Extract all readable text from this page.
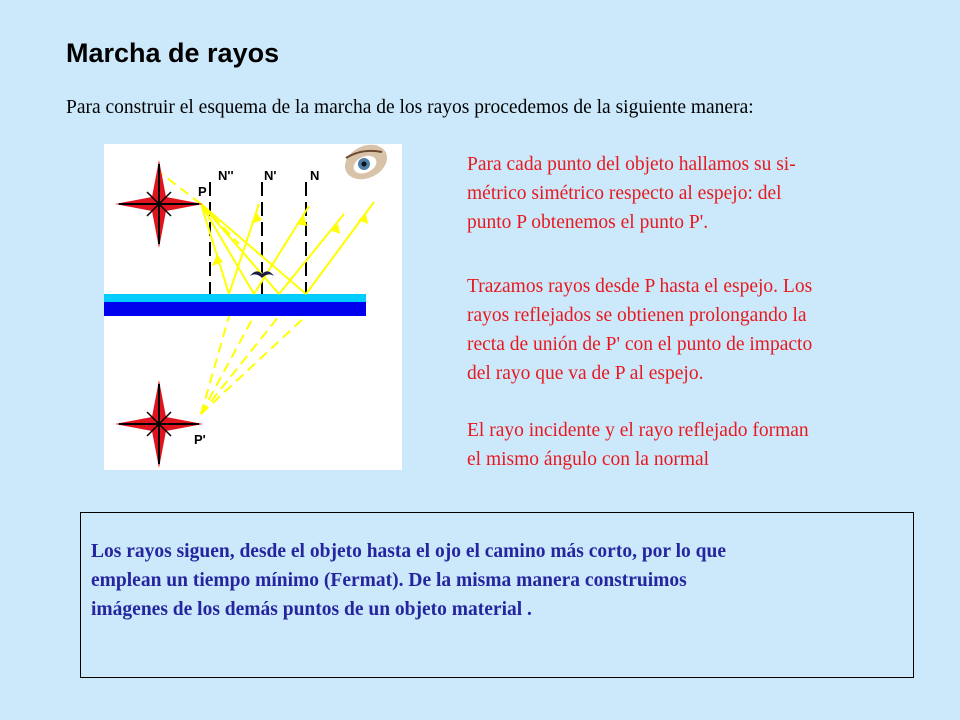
Marcha de rayos
Para construir el esquema de la marcha de los rayos procedemos de la siguiente manera:
P
P'
N'' N'	N
Para cada punto del objeto hallamos su si-
métrico simétrico respecto al espejo: del
punto P obtenemos el punto P'.
Trazamos rayos desde P hasta el espejo. Los
rayos reflejados se obtienen prolongando la
recta de unión de P' con el punto de impacto
del rayo que va de P al espejo.
El rayo incidente y el rayo reflejado forman
el mismo ángulo con la normal
Los rayos siguen, desde el objeto hasta el ojo el camino más corto, por lo que
emplean un tiempo mínimo (Fermat). De la misma manera construimos
imágenes de los demás puntos de un objeto material .
